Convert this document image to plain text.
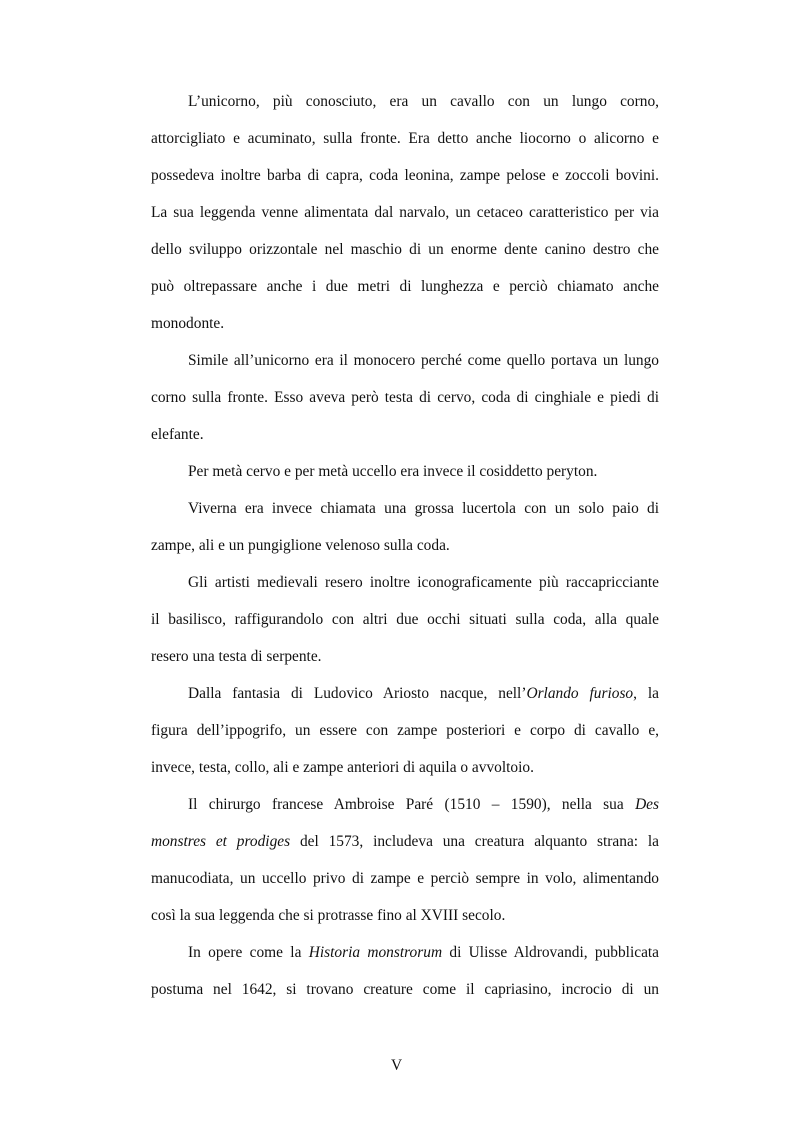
L’unicorno, più conosciuto, era un cavallo con un lungo corno,
attorcigliato e acuminato, sulla fronte. Era detto anche liocorno o alicorno e
possedeva inoltre barba di capra, coda leonina, zampe pelose e zoccoli bovini.
La sua leggenda venne alimentata dal narvalo, un cetaceo caratteristico per via
dello sviluppo orizzontale nel maschio di un enorme dente canino destro che
può oltrepassare anche i due metri di lunghezza e perciò chiamato anche
monodonte.
Simile all’unicorno era il monocero perché come quello portava un lungo
corno sulla fronte. Esso aveva però testa di cervo, coda di cinghiale e piedi di
elefante.
Per metà cervo e per metà uccello era invece il cosiddetto peryton.
Viverna era invece chiamata una grossa lucertola con un solo paio di
zampe, ali e un pungiglione velenoso sulla coda.
Gli artisti medievali resero inoltre iconograficamente più raccapricciante
il basilisco, raffigurandolo con altri due occhi situati sulla coda, alla quale
resero una testa di serpente.
Dalla fantasia di Ludovico Ariosto nacque, nell’Orlando furioso, la
figura dell’ippogrifo, un essere con zampe posteriori e corpo di cavallo e,
invece, testa, collo, ali e zampe anteriori di aquila o avvoltoio.
Il chirurgo francese Ambroise Paré (1510 – 1590), nella sua Des
monstres et prodiges del 1573, includeva una creatura alquanto strana: la
manucodiata, un uccello privo di zampe e perciò sempre in volo, alimentando
così la sua leggenda che si protrasse fino al XVIII secolo.
In opere come la Historia monstrorum di Ulisse Aldrovandi, pubblicata
postuma nel 1642, si trovano creature come il capriasino, incrocio di un
V
